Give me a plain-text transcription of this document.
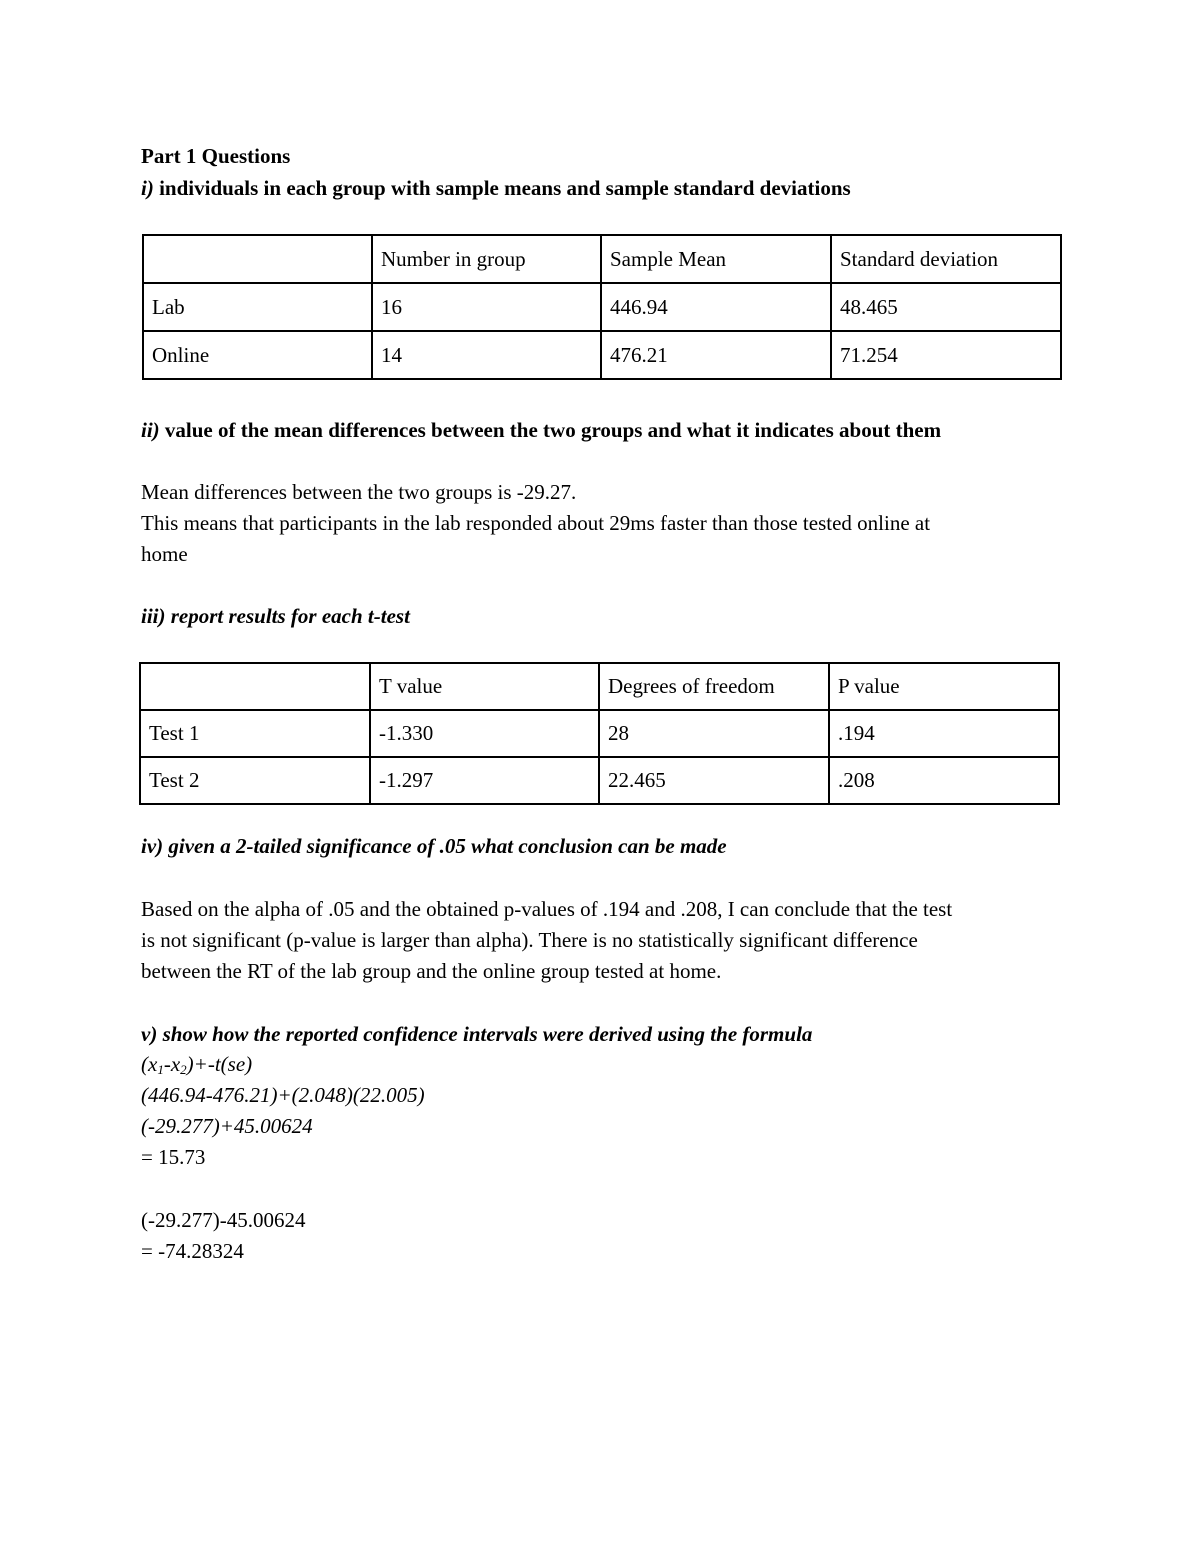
Part 1 Questions
i) individuals in each group with sample means and sample standard deviations
	Number in group	Sample Mean	Standard deviation
Lab	16	446.94	48.465
Online	14	476.21	71.254
ii) value of the mean differences between the two groups and what it indicates about them
Mean differences between the two groups is -29.27.
This means that participants in the lab responded about 29ms faster than those tested online at
home
iii) report results for each t-test
	T value	Degrees of freedom	P value
Test 1	-1.330	28	.194
Test 2	-1.297	22.465	.208
iv) given a 2-tailed significance of .05 what conclusion can be made
Based on the alpha of .05 and the obtained p-values of .194 and .208, I can conclude that the test
is not significant (p-value is larger than alpha). There is no statistically significant difference
between the RT of the lab group and the online group tested at home.
v) show how the reported confidence intervals were derived using the formula
$(x_1-x_2)+-t(se)$
(446.94-476.21)+(2.048)(22.005)
(-29.277)+45.00624
= 15.73
(-29.277)-45.00624
= -74.28324
